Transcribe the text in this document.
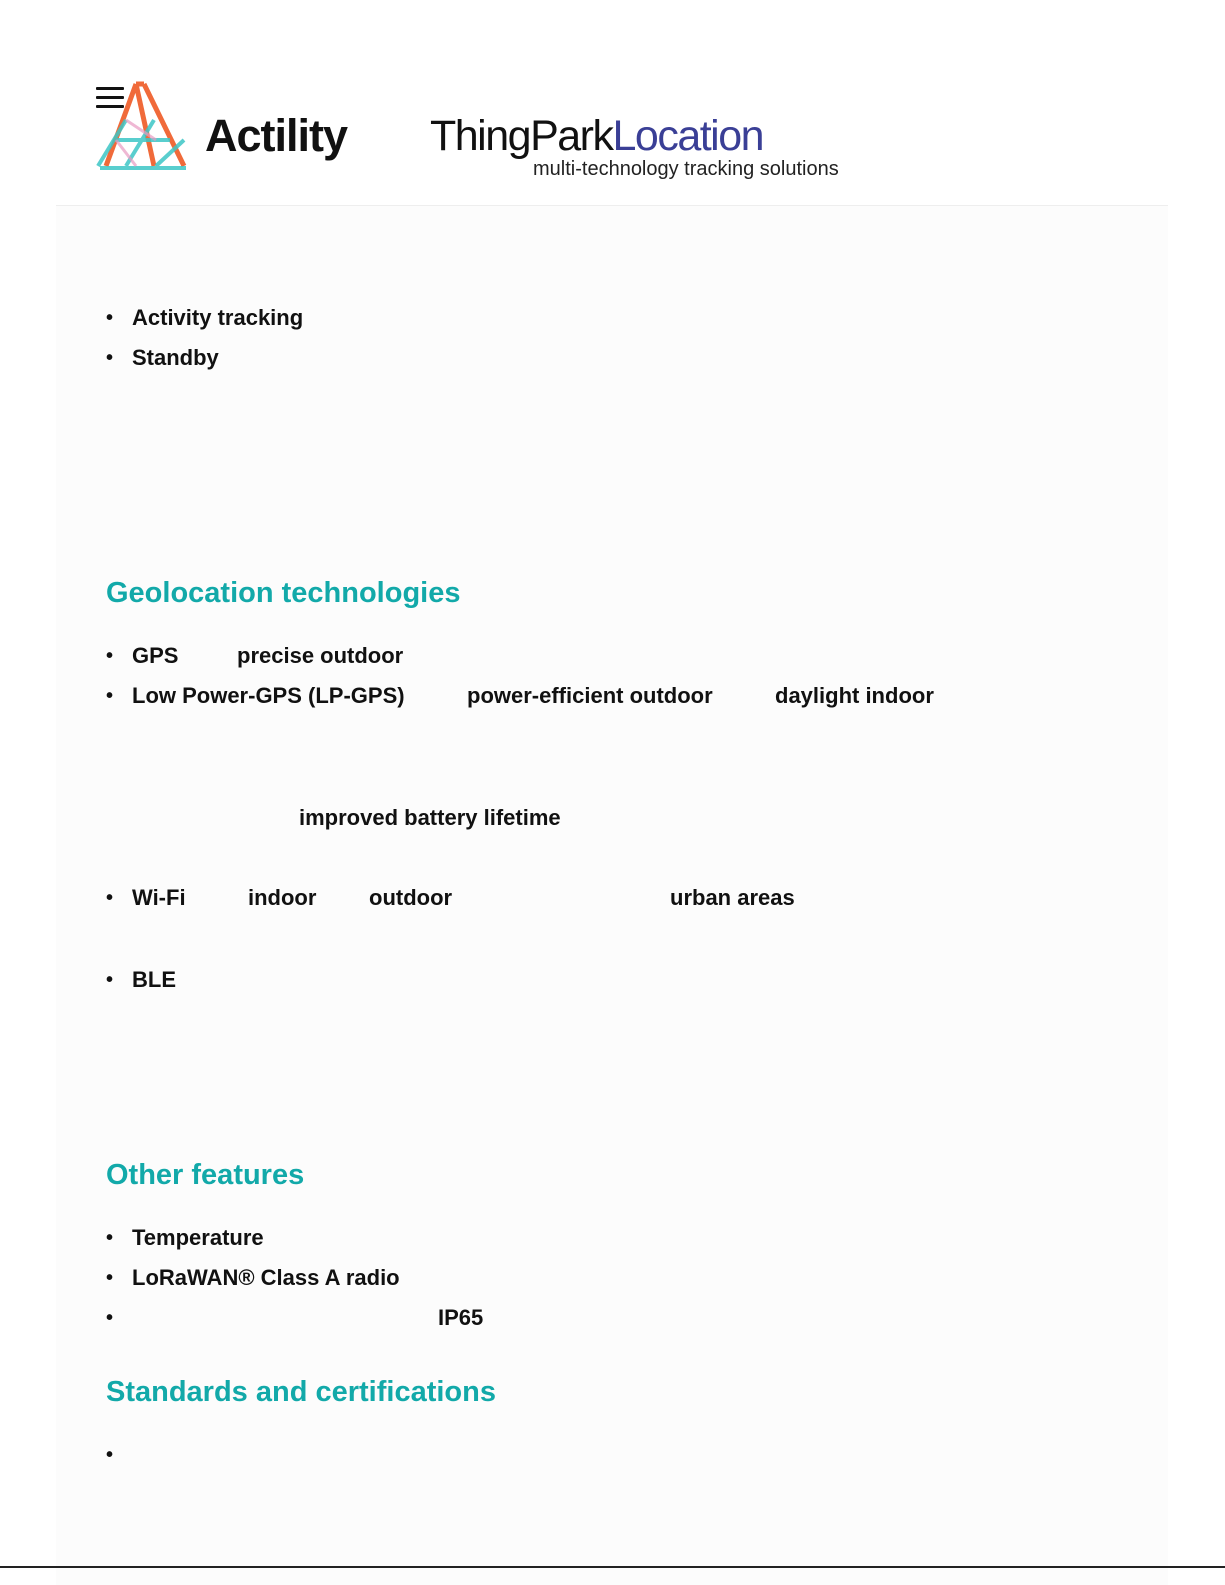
Actility ThingParkLocation
multi-technology tracking solutions
• Activity tracking
• Standby
Geolocation technologies
• GPS	precise outdoor
• Low Power-GPS (LP-GPS)	power-efficient outdoor	daylight indoor
improved battery lifetime
• Wi-Fi	indoor outdoor	urban areas
• BLE
Other features
• Temperature
• LoRaWAN® Class A radio
•	IP65
Standards and certifications
•
